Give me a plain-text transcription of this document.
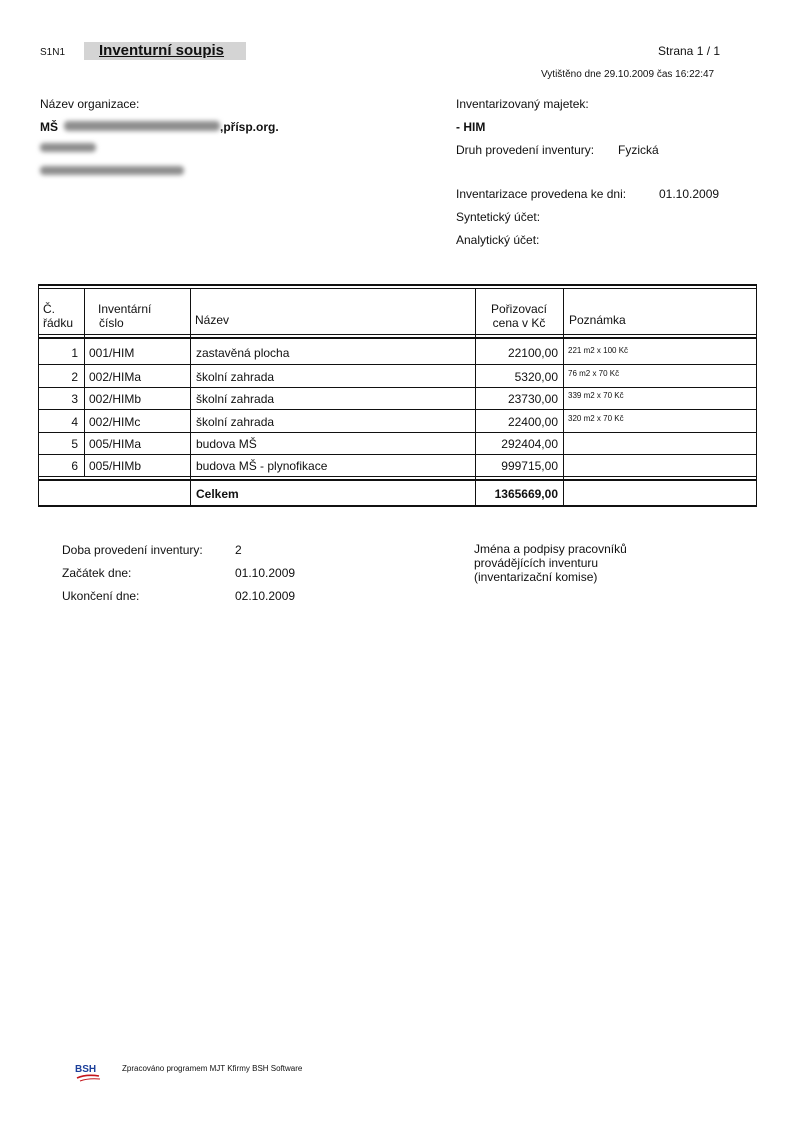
S1N1 Inventurní soupis	Strana 1 / 1
Vytištěno dne 29.10.2009 čas 16:22:47
Název organizace:
MŠ	,přísp.org.
Inventarizovaný majetek:
- HIM
Druh provedení inventury: Fyzická
Inventarizace provedena ke dni:	01.10.2009
Syntetický účet:
Analytický účet:
Č.
řádku
Inventární
číslo	Název
Pořizovací
cena v Kč	Poznámka
1 001/HIM	zastavěná plocha	22100,00 221 m2 x 100 Kč
2 002/HIMa	školní zahrada	5320,00 76 m2 x 70 Kč
3 002/HIMb	školní zahrada	23730,00 339 m2 x 70 Kč
4 002/HIMc	školní zahrada	22400,00 320 m2 x 70 Kč
5 005/HIMa	budova MŠ	292404,00
6 005/HIMb	budova MŠ - plynofikace	999715,00
Celkem	1365669,00
Doba provedení inventury:	2
Začátek dne:	01.10.2009
Ukončení dne:	02.10.2009
Jména a podpisy pracovníků
provádějících inventuru
(inventarizační komise)
BSH	Zpracováno programem MJT Kfirmy BSH Software
